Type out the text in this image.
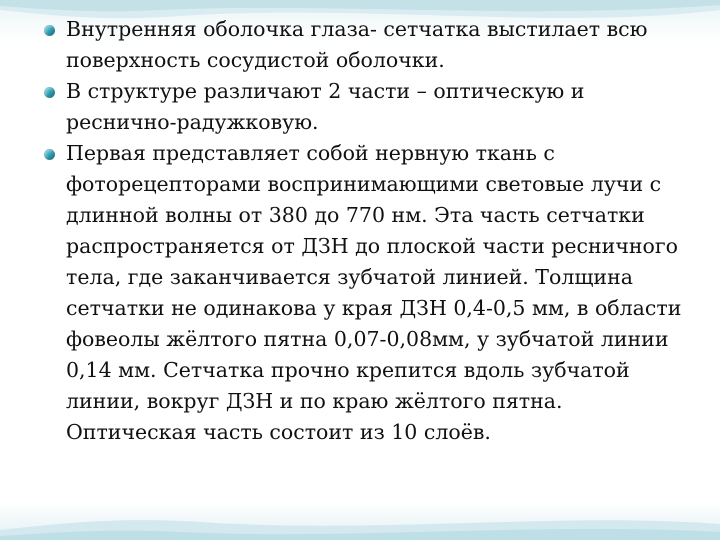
Внутренняя оболочка глаза- сетчатка выстилает всю поверхность сосудистой оболочки.
В структуре различают 2 части – оптическую и реснично-радужковую.
Первая представляет собой нервную ткань с фоторецепторами воспринимающими световые лучи с длинной волны от 380 до 770 нм. Эта часть сетчатки распространяется от ДЗН до плоской части ресничного тела, где заканчивается зубчатой линией. Толщина сетчатки не одинакова у края ДЗН 0,4-0,5 мм, в области фовеолы жёлтого пятна 0,07-0,08мм, у зубчатой линии 0,14 мм. Сетчатка прочно крепится вдоль зубчатой линии, вокруг ДЗН и по краю жёлтого пятна. Оптическая часть состоит из 10 слоёв.
